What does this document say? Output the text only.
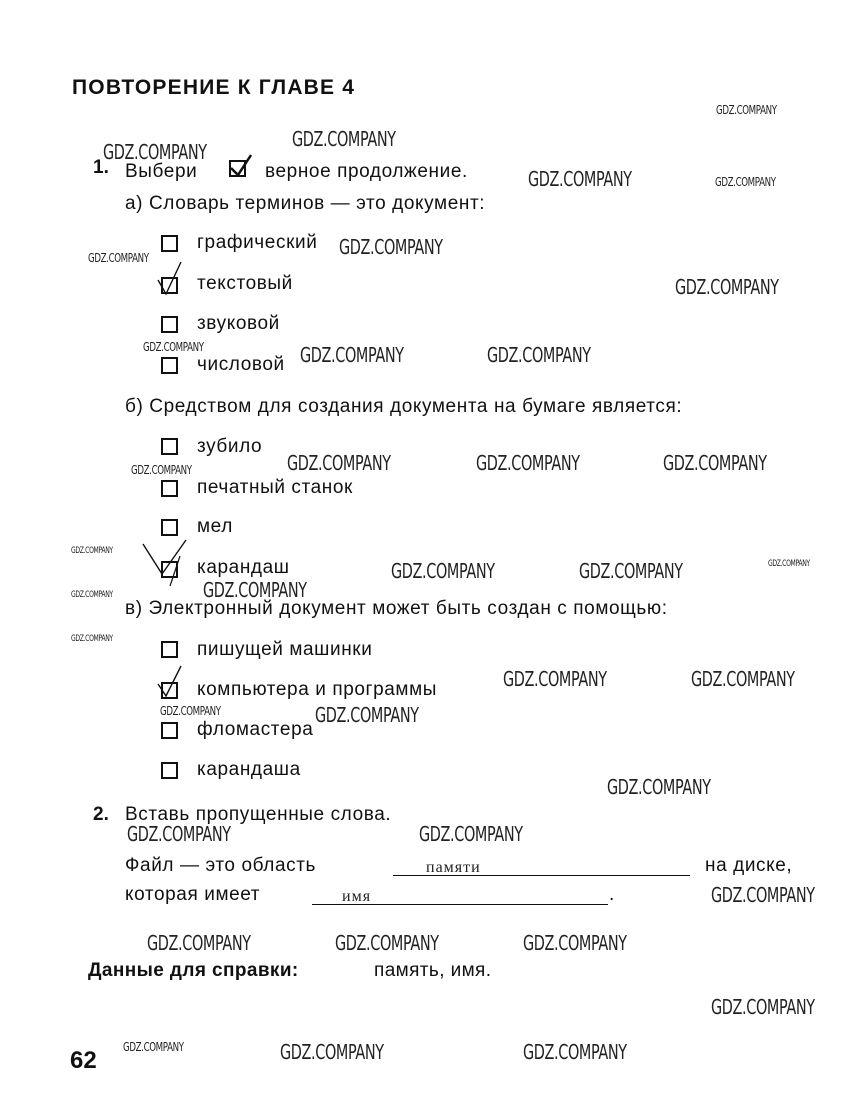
ПОВТОРЕНИЕ К ГЛАВЕ 4
1. Выбери	верное продолжение.
а) Словарь терминов — это документ:
графический
текстовый
звуковой
числовой
б) Средством для создания документа на бумаге является:
зубило
печатный станок
мел
карандаш
в) Электронный документ может быть создан с помощью:
пишущей машинки
компьютера и программы
фломастера
карандаша
2. Вставь пропущенные слова.
Файл — это область	памяти	на диске,
которая имеет	имя	.
Данные для справки:	память, имя.
62
GDZ.COMPANY
GDZ.COMPANY
GDZ.COMPANY
GDZ.COMPANY	GDZ.COMPANY
GDZ.COMPANY
GDZ.COMPANY
GDZ.COMPANY
GDZ.COMPANY	GDZ.COMPANY	GDZ.COMPANY
GDZ.COMPANY	GDZ.COMPANY	GDZ.COMPANY
GDZ.COMPANY
GDZ.COMPANY
GDZ.COMPANY
GDZ.COMPANY	GDZ.COMPANY
GDZ.COMPANY
GDZ.COMPANY
GDZ.COMPANY
GDZ.COMPANY	GDZ.COMPANY
GDZ.COMPANY	GDZ.COMPANY
GDZ.COMPANY
GDZ.COMPANY	GDZ.COMPANY
GDZ.COMPANY
GDZ.COMPANY	GDZ.COMPANY	GDZ.COMPANY
GDZ.COMPANY
GDZ.COMPANY	GDZ.COMPANY	GDZ.COMPANY
